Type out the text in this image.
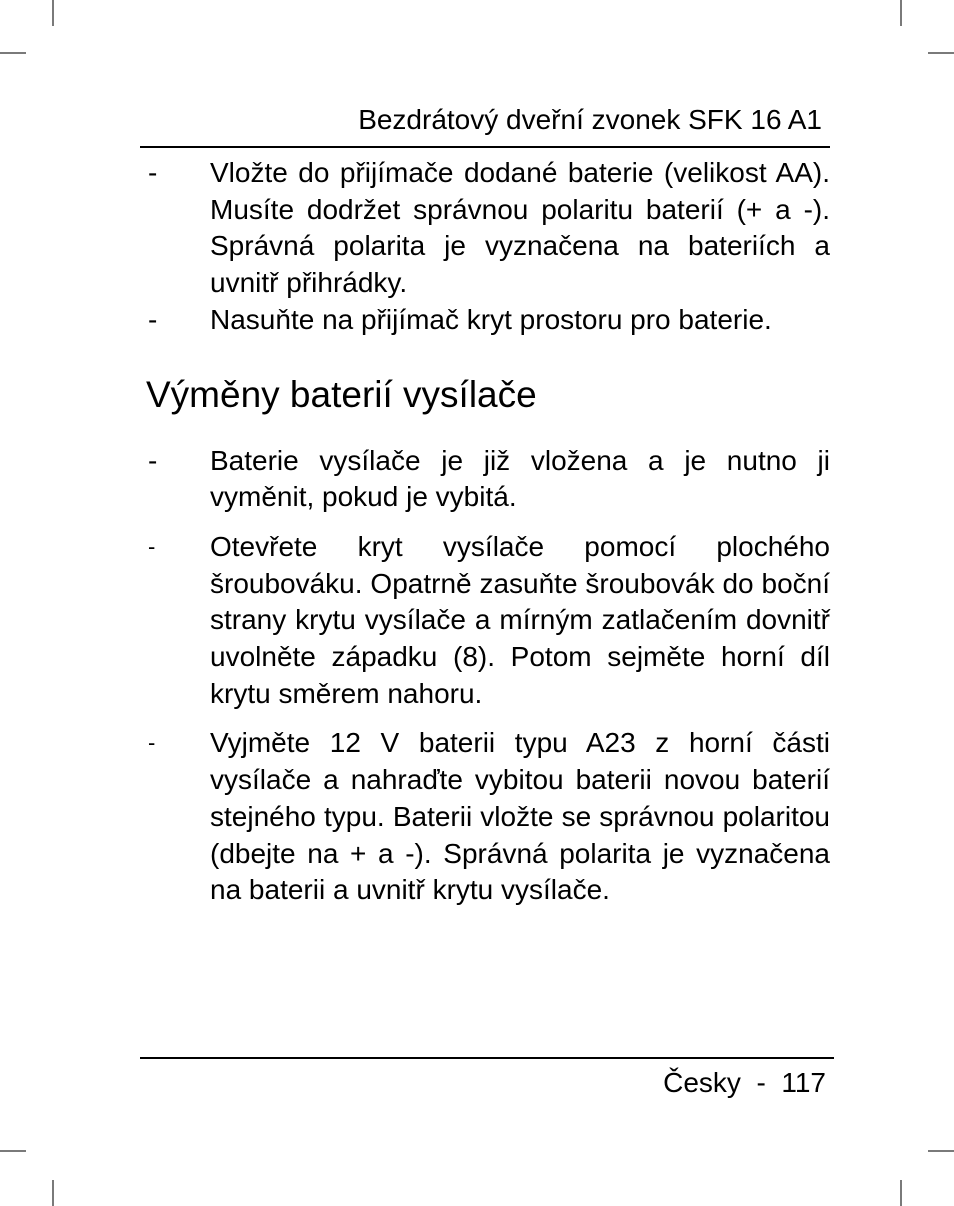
Bezdrátový dveřní zvonek SFK 16 A1
-	Vložte do přijímače dodané baterie (velikost AA). Musíte dodržet správnou polaritu baterií (+ a -). Správná polarita je vyznačena na bateriích a uvnitř přihrádky.
-	Nasuňte na přijímač kryt prostoru pro baterie.
Výměny baterií vysílače
-	Baterie vysílače je již vložena a je nutno ji vyměnit, pokud je vybitá.
-	Otevřete kryt vysílače pomocí plochého šroubováku. Opatrně zasuňte šroubovák do boční strany krytu vysílače a mírným zatlačením dovnitř uvolněte západku (8). Potom sejměte horní díl krytu směrem nahoru.
-	Vyjměte 12 V baterii typu A23 z horní části vysílače a nahraďte vybitou baterii novou baterií stejného typu. Baterii vložte se správnou polaritou (dbejte na + a -). Správná polarita je vyznačena na baterii a uvnitř krytu vysílače.
Česky - 117
